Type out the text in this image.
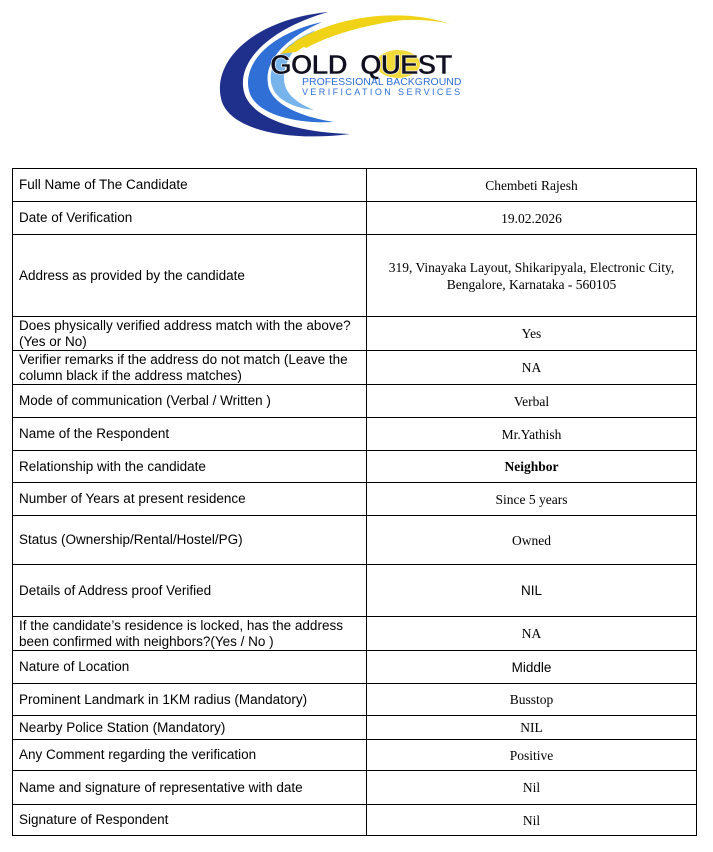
GOLD QUEST
PROFESSIONAL BACKGROUND
VERIFICATION SERVICES
Full Name of The Candidate	Chembeti Rajesh
Date of Verification	19.02.2026
Address as provided by the candidate	319, Vinayaka Layout, Shikaripyala, Electronic City, Bengalore, Karnataka - 560105
Does physically verified address match with the above? (Yes or No)	Yes
Verifier remarks if the address do not match (Leave the column black if the address matches)	NA
Mode of communication (Verbal / Written )	Verbal
Name of the Respondent	Mr.Yathish
Relationship with the candidate	Neighbor
Number of Years at present residence	Since 5 years
Status (Ownership/Rental/Hostel/PG)	Owned
Details of Address proof Verified	NIL
If the candidate’s residence is locked, has the address been confirmed with neighbors?(Yes / No )	NA
Nature of Location	Middle
Prominent Landmark in 1KM radius (Mandatory)	Busstop
Nearby Police Station (Mandatory)	NIL
Any Comment regarding the verification	Positive
Name and signature of representative with date	Nil
Signature of Respondent	Nil
